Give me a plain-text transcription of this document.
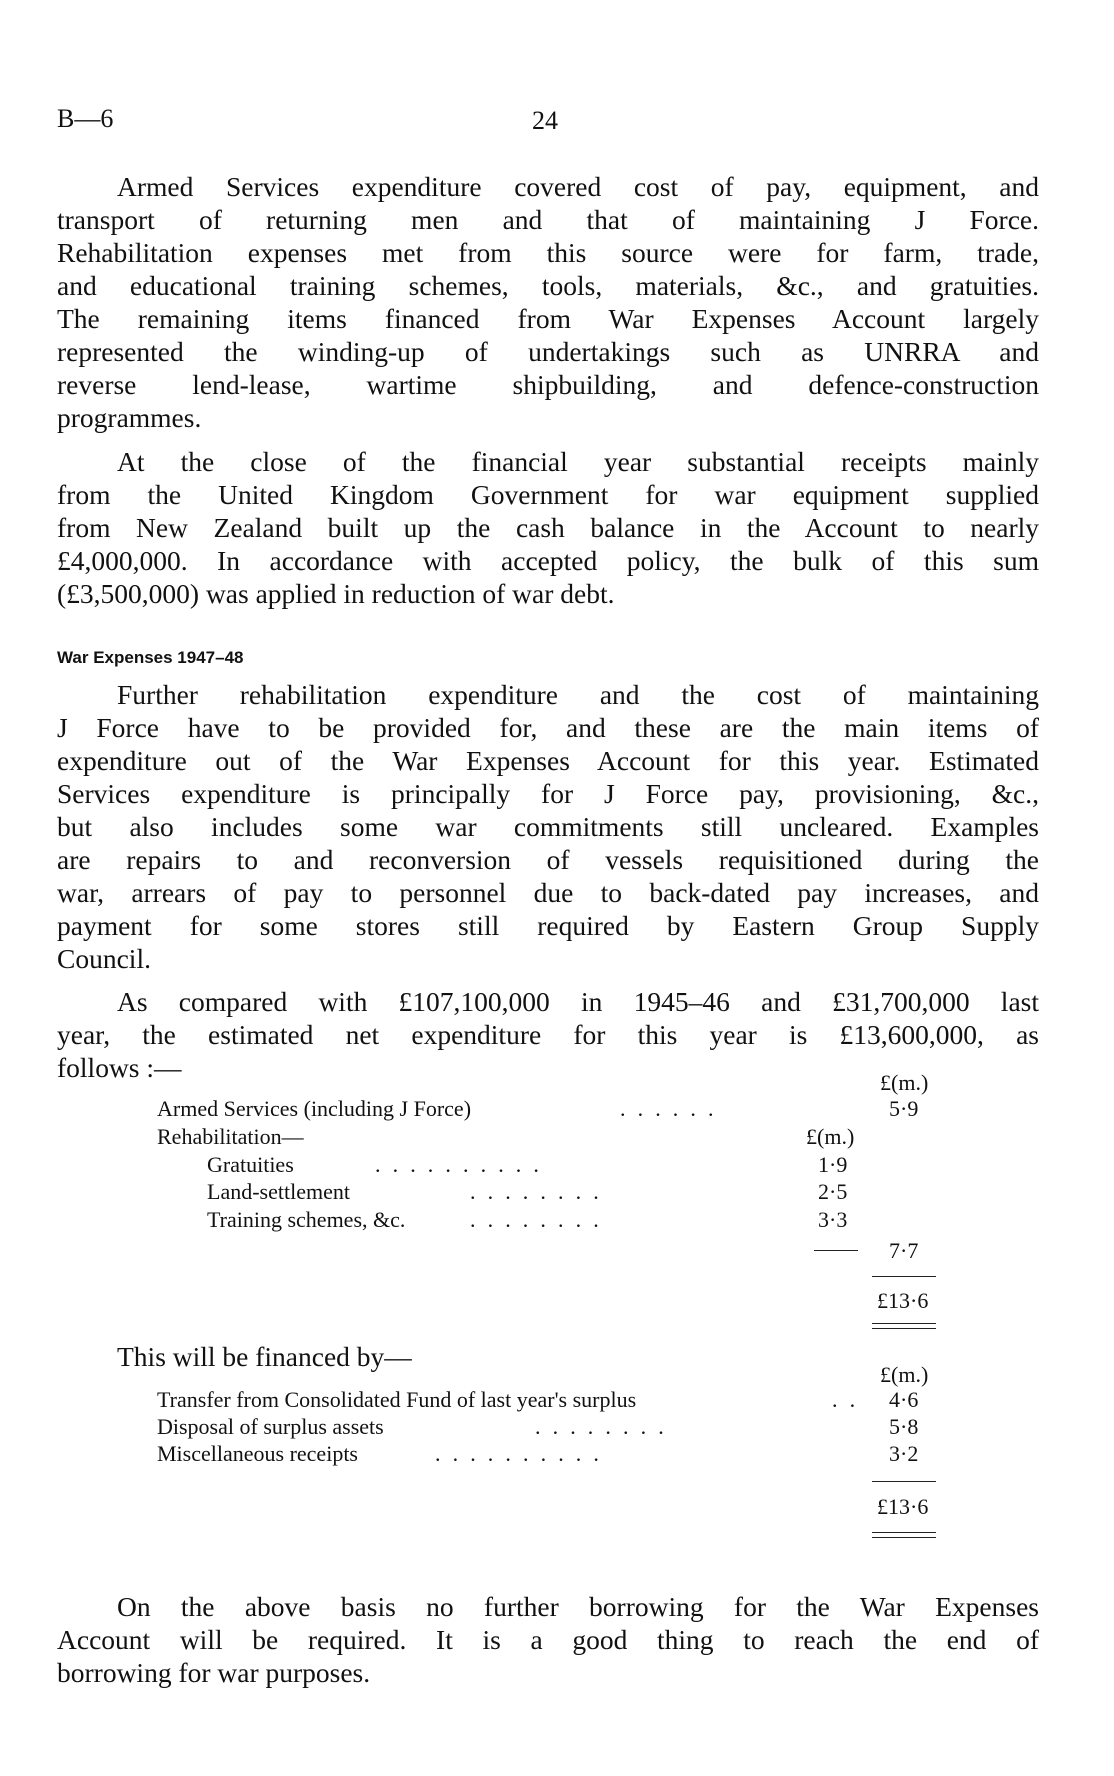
B—6	24

Armed Services expenditure covered cost of pay, equipment, and
transport of returning men and that of maintaining J Force.
Rehabilitation expenses met from this source were for farm, trade,
and educational training schemes, tools, materials, &c., and gratuities.
The remaining items financed from War Expenses Account largely
represented the winding-up of undertakings such as UNRRA and
reverse lend-lease, wartime shipbuilding, and defence-construction
programmes.

At the close of the financial year substantial receipts mainly
from the United Kingdom Government for war equipment supplied
from New Zealand built up the cash balance in the Account to nearly
£4,000,000. In accordance with accepted policy, the bulk of this sum
(£3,500,000) was applied in reduction of war debt.

War Expenses 1947–48

Further rehabilitation expenditure and the cost of maintaining
J Force have to be provided for, and these are the main items of
expenditure out of the War Expenses Account for this year. Estimated
Services expenditure is principally for J Force pay, provisioning, &c.,
but also includes some war commitments still uncleared. Examples
are repairs to and reconversion of vessels requisitioned during the
war, arrears of pay to personnel due to back-dated pay increases, and
payment for some stores still required by Eastern Group Supply
Council.

As compared with £107,100,000 in 1945–46 and £31,700,000 last
year, the estimated net expenditure for this year is £13,600,000, as
follows :—	£(m.)
Armed Services (including J Force)	. . . . . .	5·9
Rehabilitation—	£(m.)
Gratuities	. . . . . . . . . .	1·9
Land-settlement	. . . . . . . .	2·5
Training schemes, &c.	. . . . . . . .	3·3
7·7
£13·6
This will be financed by—
£(m.)
Transfer from Consolidated Fund of last year's surplus	. . 4·6
Disposal of surplus assets	. . . . . . . .	5·8
Miscellaneous receipts	. . . . . . . . . .	3·2
£13·6

On the above basis no further borrowing for the War Expenses
Account will be required. It is a good thing to reach the end of
borrowing for war purposes.
